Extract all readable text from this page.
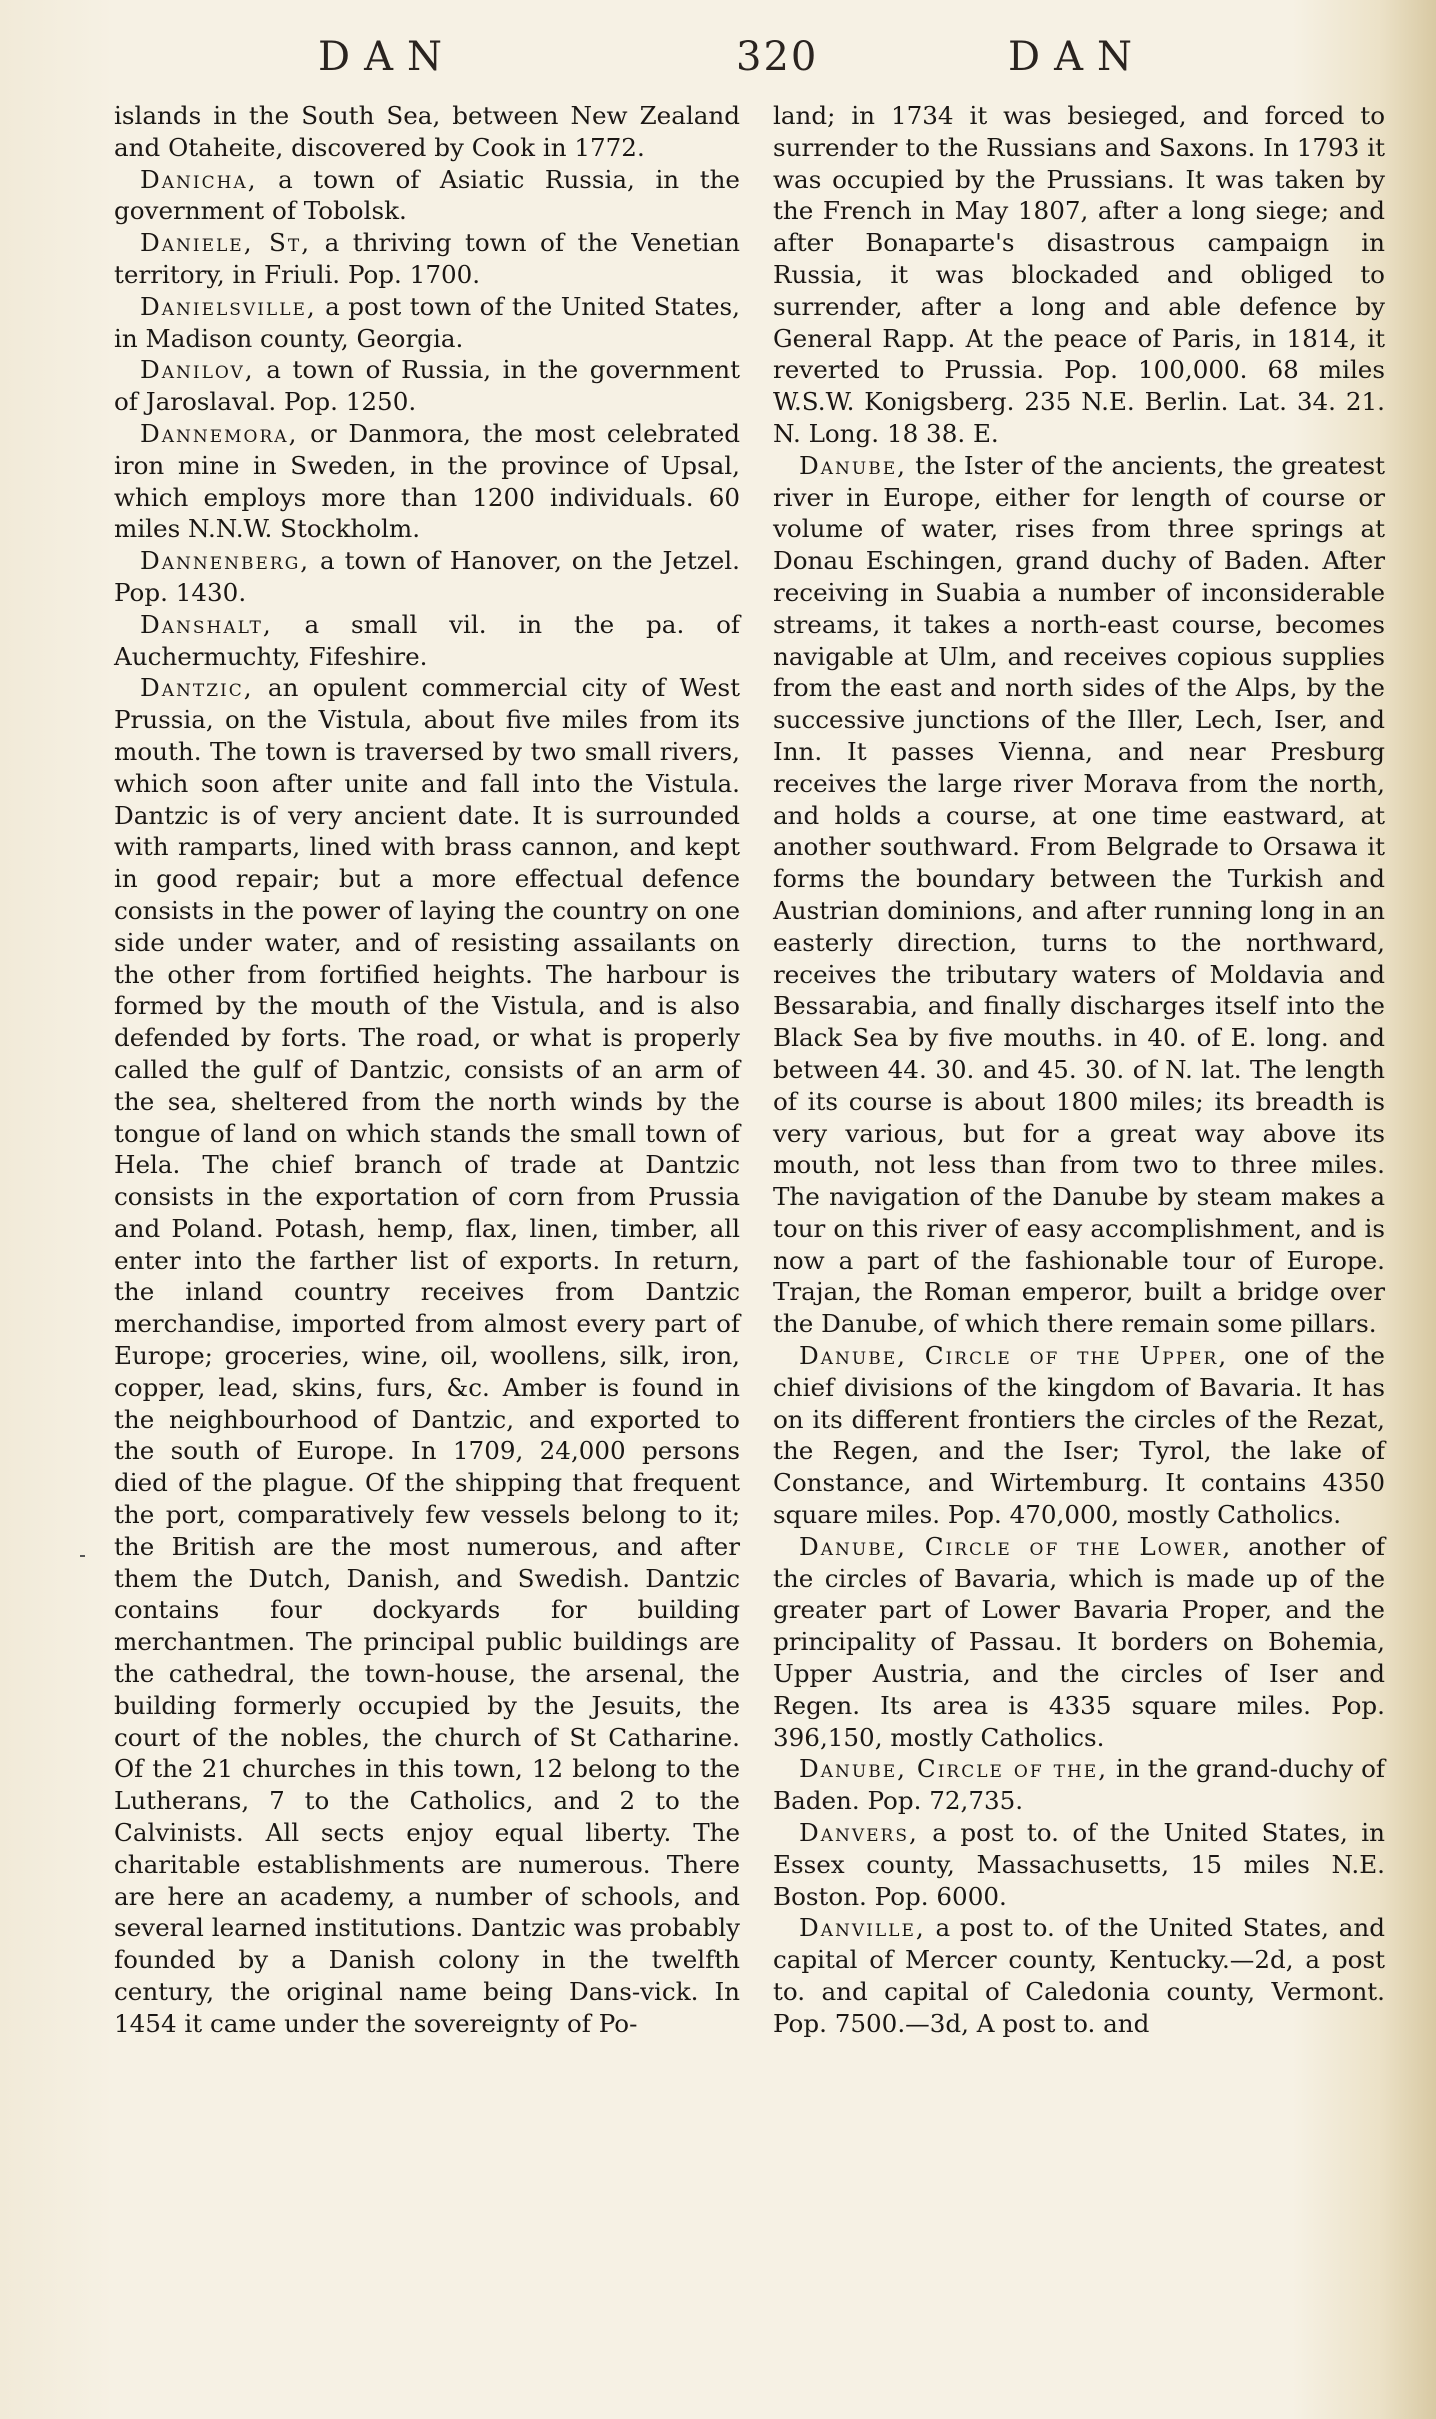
DAN	320	DAN

islands in the South Sea, between New Zealand and Otaheite, discovered by Cook in 1772.

Danicha, a town of Asiatic Russia, in the government of Tobolsk.

Daniele, St, a thriving town of the Venetian territory, in Friuli. Pop. 1700.

Danielsville, a post town of the United States, in Madison county, Georgia.

Danilov, a town of Russia, in the government of Jaroslaval. Pop. 1250.

Dannemora, or Danmora, the most celebrated iron mine in Sweden, in the province of Upsal, which employs more than 1200 individuals. 60 miles N.N.W. Stockholm.

Dannenberg, a town of Hanover, on the Jetzel. Pop. 1430.

Danshalt, a small vil. in the pa. of Auchermuchty, Fifeshire.

Dantzic, an opulent commercial city of West Prussia, on the Vistula, about five miles from its mouth. The town is traversed by two small rivers, which soon after unite and fall into the Vistula. Dantzic is of very ancient date. It is surrounded with ramparts, lined with brass cannon, and kept in good repair; but a more effectual defence consists in the power of laying the country on one side under water, and of resisting assailants on the other from fortified heights. The harbour is formed by the mouth of the Vistula, and is also defended by forts. The road, or what is properly called the gulf of Dantzic, consists of an arm of the sea, sheltered from the north winds by the tongue of land on which stands the small town of Hela. The chief branch of trade at Dantzic consists in the exportation of corn from Prussia and Poland. Potash, hemp, flax, linen, timber, all enter into the farther list of exports. In return, the inland country receives from Dantzic merchandise, imported from almost every part of Europe; groceries, wine, oil, woollens, silk, iron, copper, lead, skins, furs, &c. Amber is found in the neighbourhood of Dantzic, and exported to the south of Europe. In 1709, 24,000 persons died of the plague. Of the shipping that frequent the port, comparatively few vessels belong to it; the British are the most numerous, and after them the Dutch, Danish, and Swedish. Dantzic contains four dockyards for building merchantmen. The principal public buildings are the cathedral, the town-house, the arsenal, the building formerly occupied by the Jesuits, the court of the nobles, the church of St Catharine. Of the 21 churches in this town, 12 belong to the Lutherans, 7 to the Catholics, and 2 to the Calvinists. All sects enjoy equal liberty. The charitable establishments are numerous. There are here an academy, a number of schools, and several learned institutions. Dantzic was probably founded by a Danish colony in the twelfth century, the original name being Dans-vick. In 1454 it came under the sovereignty of Po-

land; in 1734 it was besieged, and forced to surrender to the Russians and Saxons. In 1793 it was occupied by the Prussians. It was taken by the French in May 1807, after a long siege; and after Bonaparte's disastrous campaign in Russia, it was blockaded and obliged to surrender, after a long and able defence by General Rapp. At the peace of Paris, in 1814, it reverted to Prussia. Pop. 100,000. 68 miles W.S.W. Konigsberg. 235 N.E. Berlin. Lat. 34. 21. N. Long. 18 38. E.

Danube, the Ister of the ancients, the greatest river in Europe, either for length of course or volume of water, rises from three springs at Donau Eschingen, grand duchy of Baden. After receiving in Suabia a number of inconsiderable streams, it takes a north-east course, becomes navigable at Ulm, and receives copious supplies from the east and north sides of the Alps, by the successive junctions of the Iller, Lech, Iser, and Inn. It passes Vienna, and near Presburg receives the large river Morava from the north, and holds a course, at one time eastward, at another southward. From Belgrade to Orsawa it forms the boundary between the Turkish and Austrian dominions, and after running long in an easterly direction, turns to the northward, receives the tributary waters of Moldavia and Bessarabia, and finally discharges itself into the Black Sea by five mouths. in 40. of E. long. and between 44. 30. and 45. 30. of N. lat. The length of its course is about 1800 miles; its breadth is very various, but for a great way above its mouth, not less than from two to three miles. The navigation of the Danube by steam makes a tour on this river of easy accomplishment, and is now a part of the fashionable tour of Europe. Trajan, the Roman emperor, built a bridge over the Danube, of which there remain some pillars.

Danube, Circle of the Upper, one of the chief divisions of the kingdom of Bavaria. It has on its different frontiers the circles of the Rezat, the Regen, and the Iser; Tyrol, the lake of Constance, and Wirtemburg. It contains 4350 square miles. Pop. 470,000, mostly Catholics.

Danube, Circle of the Lower, another of the circles of Bavaria, which is made up of the greater part of Lower Bavaria Proper, and the principality of Passau. It borders on Bohemia, Upper Austria, and the circles of Iser and Regen. Its area is 4335 square miles. Pop. 396,150, mostly Catholics.

Danube, Circle of the, in the grand-duchy of Baden. Pop. 72,735.

Danvers, a post to. of the United States, in Essex county, Massachusetts, 15 miles N.E. Boston. Pop. 6000.

Danville, a post to. of the United States, and capital of Mercer county, Kentucky.—2d, a post to. and capital of Caledonia county, Vermont. Pop. 7500.—3d, A post to. and
